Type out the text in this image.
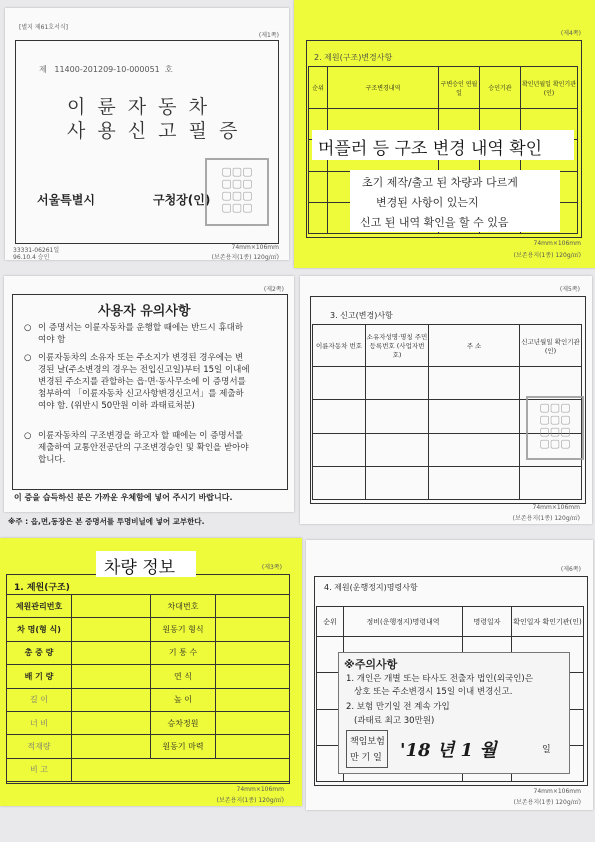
[별지 제61호서식]
(제1쪽)
제 11400-201209-10-000051 호
이 륜 자 동 차
사 용 신 고 필 증
서울특별시	구청장(인)
▢▢▢
▢▢▢
▢▢▢
▢▢▢
33331-06261일
96.10.4 승인
74mm×106mm
(보존용지(1종) 120g/㎡)
(제4쪽)
2. 제원(구조)변경사항
순위	구조변경내역	구변승인 연월일	승인기관	확인년월일 확인기관(인)

74mm×106mm
(보존용지(1종) 120g/㎡)
머플러 등 구조 변경 내역 확인
초기 제작/출고 된 차량과 다르게
변경된 사항이 있는지
신고 된 내역 확인을 할 수 있음
(제2쪽)
사용자 유의사항
○ 이 증명서는 이륜자동차를 운행할 때에는 반드시 휴대하여야 함
○ 이륜자동차의 소유자 또는 주소지가 변경된 경우에는 변경된 날(주소변경의 경우는 전입신고일)부터 15일 이내에 변경된 주소지를 관할하는 읍·면·동사무소에 이 증명서를 첨부하여 「이륜자동차 신고사항변경신고서」를 제출하여야 함. (위반시 50만원 이하 과태료처분)
○ 이륜자동차의 구조변경을 하고자 할 때에는 이 증명서를 제출하여 교통안전공단의 구조변경승인 및 확인을 받아야 합니다.
이 증을 습득하신 분은 가까운 우체함에 넣어 주시기 바랍니다.
(제5쪽)
3. 신고(변경)사항
이륜자동차 번호	소유자성명·명칭 주민등록번호 (사업자번호)	주 소	신고년월일 확인기관(인)

▢▢▢
▢▢▢
▢▢▢
▢▢▢
74mm×106mm
(보존용지(1종) 120g/㎡)
※주 : 읍,면,동장은 본 증명서를 투명비닐에 넣어 교부한다.
(제3쪽)
1. 제원(구조)
제원관리번호		차대번호	
차 명(형 식)		원동기 형식	
총 중 량		기 통 수	
배 기 량		연 식	
길 이		높 이	
너 비		승차정원	
적재량		원동기 마력	
비 고			
74mm×106mm
(보존용지(1종) 120g/㎡)
차량 정보	(제6쪽)
4. 제원(운행정지)명령사항
순위	정비(운행정지)명령내역	명령일자	확인일자 확인기관(인)

※주의사항
1. 개인은 개별 또는 타사도 전출자 법인(외국인)은
상호 또는 주소변경시 15일 이내 변경신고.
2. 보험 만기일 전 계속 가입
(과태료 최고 30만원)
책임보험
만 기 일 '18 년 1 월	일
74mm×106mm
(보존용지(1종) 120g/㎡)
